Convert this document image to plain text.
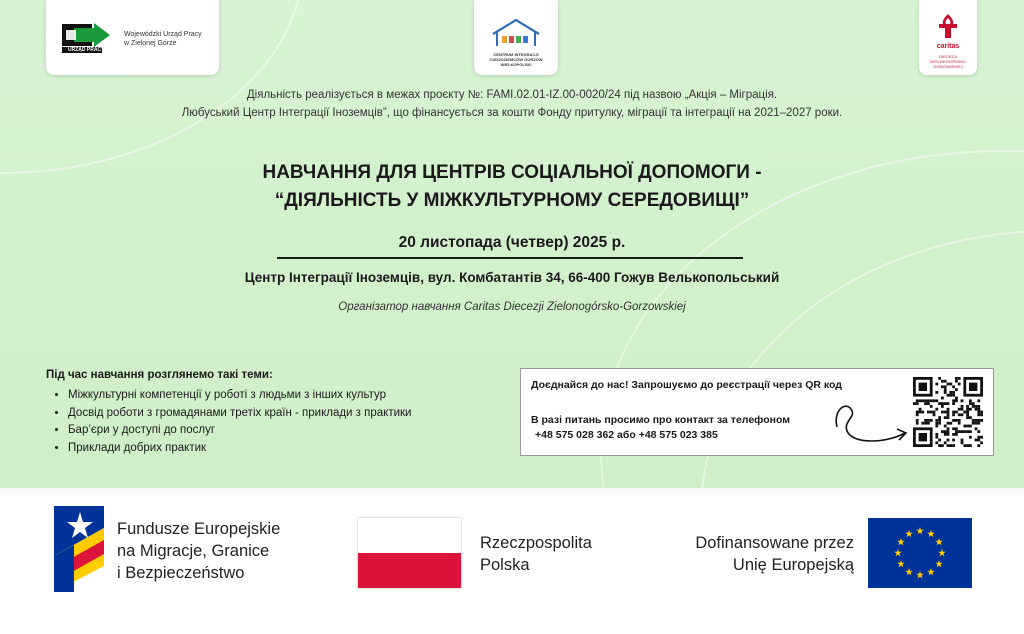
URZĄD PRACY
Wojewódzki Urząd Pracy
w Zielonej Górze
CENTRUM INTEGRACJI CUDZOZIEMCÓW GORZÓW WIELKOPOLSKI
caritas
DIECEZJI ZIELONOGÓRSKO-GORZOWSKIEJ
Діяльність реалізується в межах проєкту №: FAMI.02.01-IZ.00-0020/24 під назвою „Акція – Міграція.
Любуський Центр Інтеграції Іноземців”, що фінансується за кошти Фонду притулку, міграції та інтеграції на 2021–2027 роки.
НАВЧАННЯ ДЛЯ ЦЕНТРІВ СОЦІАЛЬНОЇ ДОПОМОГИ -
“ДІЯЛЬНІСТЬ У МІЖКУЛЬТУРНОМУ СЕРЕДОВИЩІ”
20 листопада (четвер) 2025 р.
Центр Інтеграції Іноземців, вул. Комбатантів 34, 66-400 Гожув Велькопольський
Організатор навчання Caritas Diecezji Zielonogórsko-Gorzowskiej
Під час навчання розглянемо такі теми:
• Міжкультурні компетенції у роботі з людьми з інших культур
• Досвід роботи з громадянами третіх країн - приклади з практики
• Бар’єри у доступі до послуг
• Приклади добрих практик
Доєднайся до нас! Запрошуємо до реєстрації через QR код
В разі питань просимо про контакт за телефоном
+48 575 028 362 або +48 575 023 385
Fundusze Europejskie
na Migracje, Granice
i Bezpieczeństwo
Rzeczpospolita
Polska
Dofinansowane przez
Unię Europejską
